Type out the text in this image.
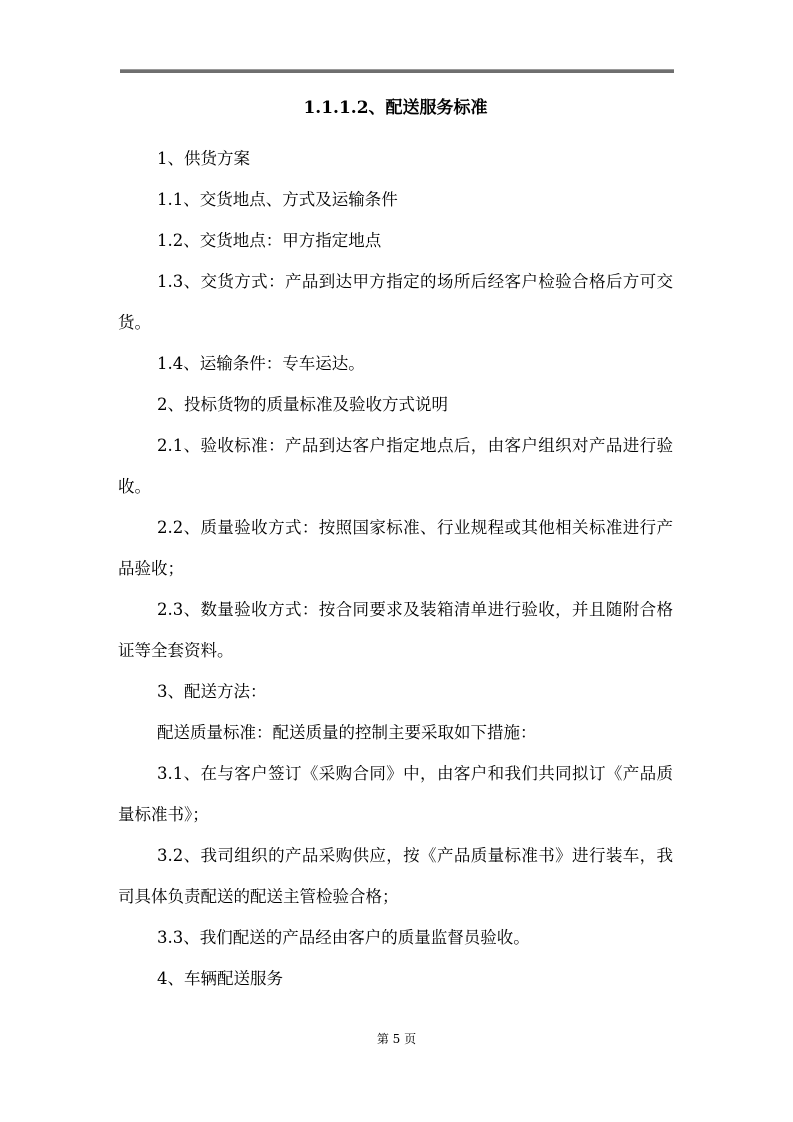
1.1.1.2、配送服务标准

1、供货方案

1.1、交货地点、方式及运输条件

1.2、交货地点：甲方指定地点

1.3、交货方式：产品到达甲方指定的场所后经客户检验合格后方可交货。

1.4、运输条件：专车运达。

2、投标货物的质量标准及验收方式说明

2.1、验收标准：产品到达客户指定地点后，由客户组织对产品进行验收。

2.2、质量验收方式：按照国家标准、行业规程或其他相关标准进行产品验收；

2.3、数量验收方式：按合同要求及装箱清单进行验收，并且随附合格证等全套资料。

3、配送方法：

配送质量标准：配送质量的控制主要采取如下措施：

3.1、在与客户签订《采购合同》中，由客户和我们共同拟订《产品质量标准书》；

3.2、我司组织的产品采购供应，按《产品质量标准书》进行装车，我司具体负责配送的配送主管检验合格；

3.3、我们配送的产品经由客户的质量监督员验收。

4、车辆配送服务

第 5 页
